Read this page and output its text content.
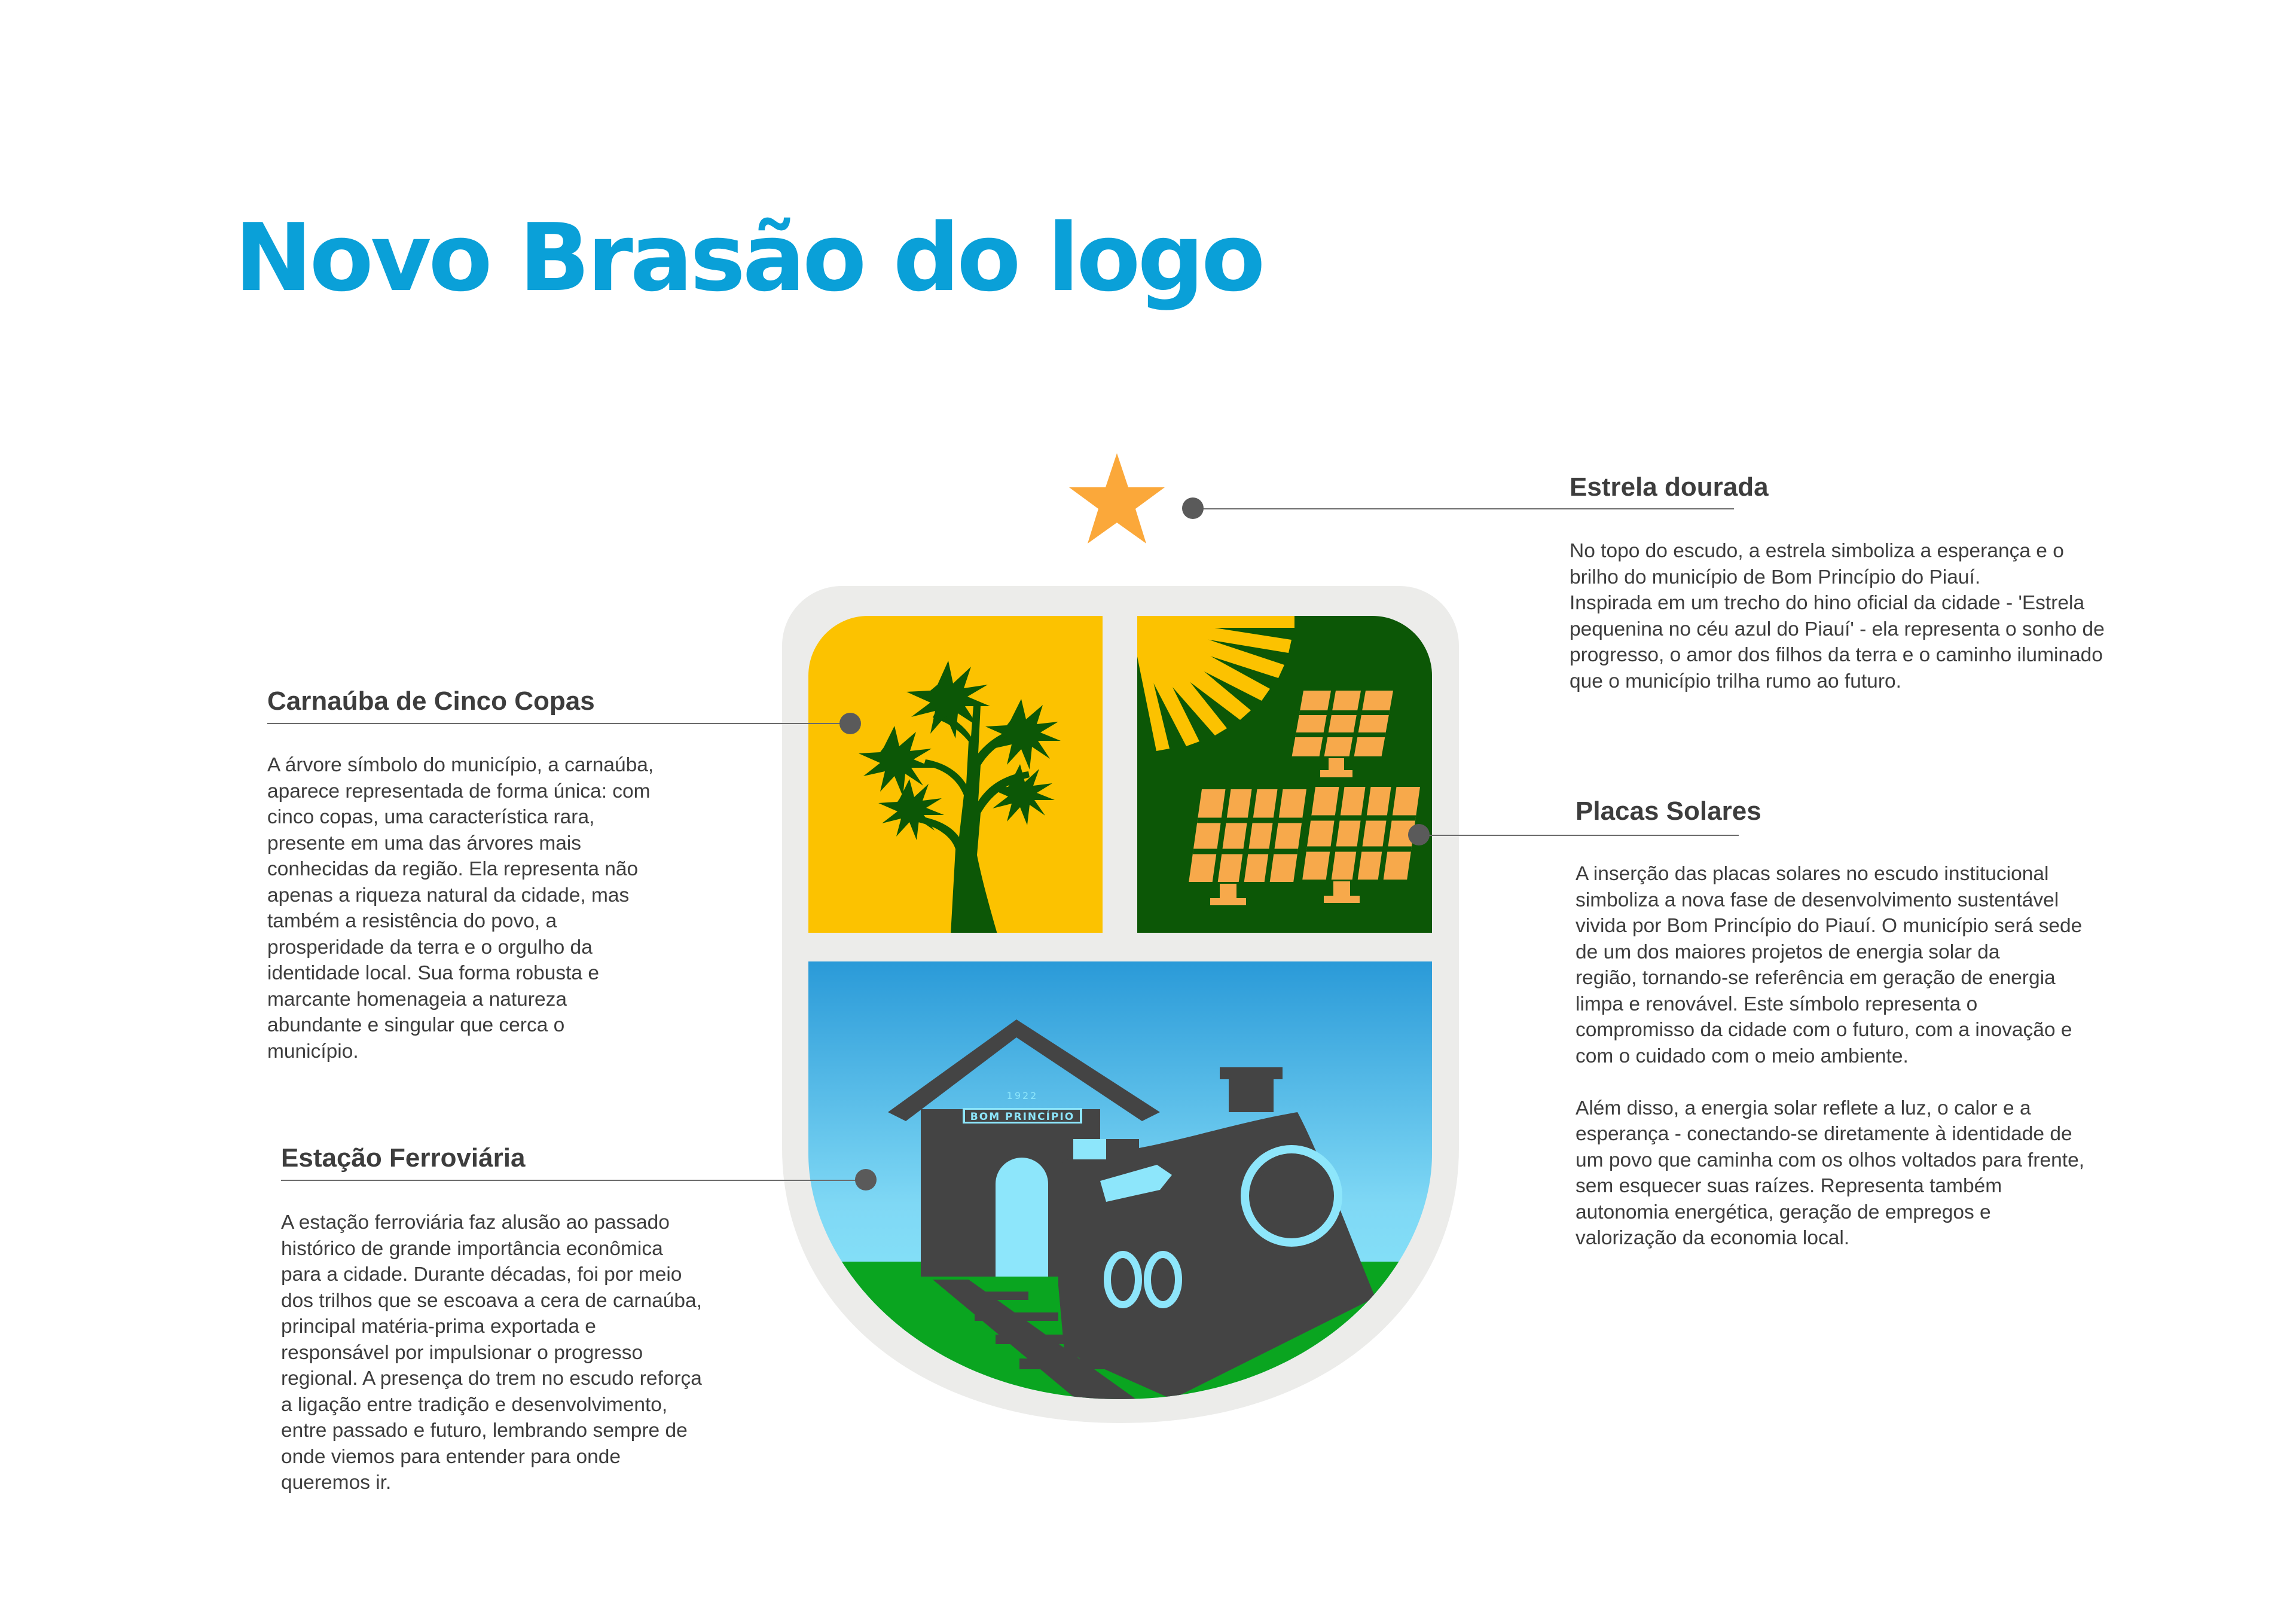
Novo Brasão do logo
1922
BOM PRINCÍPIO
Estrela dourada

No topo do escudo, a estrela simboliza a esperança e o
brilho do município de Bom Princípio do Piauí.
Inspirada em um trecho do hino oficial da cidade - 'Estrela
pequenina no céu azul do Piauí' - ela representa o sonho de
progresso, o amor dos filhos da terra e o caminho iluminado
que o município trilha rumo ao futuro.

Carnaúba de Cinco Copas

A árvore símbolo do município, a carnaúba,
aparece representada de forma única: com
cinco copas, uma característica rara,
presente em uma das árvores mais
conhecidas da região. Ela representa não
apenas a riqueza natural da cidade, mas
também a resistência do povo, a
prosperidade da terra e o orgulho da
identidade local. Sua forma robusta e
marcante homenageia a natureza
abundante e singular que cerca o
município.

Placas Solares

A inserção das placas solares no escudo institucional
simboliza a nova fase de desenvolvimento sustentável
vivida por Bom Princípio do Piauí. O município será sede
de um dos maiores projetos de energia solar da
região, tornando-se referência em geração de energia
limpa e renovável. Este símbolo representa o
compromisso da cidade com o futuro, com a inovação e
com o cuidado com o meio ambiente.

Além disso, a energia solar reflete a luz, o calor e a
esperança - conectando-se diretamente à identidade de
um povo que caminha com os olhos voltados para frente,
sem esquecer suas raízes. Representa também
autonomia energética, geração de empregos e
valorização da economia local.

Estação Ferroviária

A estação ferroviária faz alusão ao passado
histórico de grande importância econômica
para a cidade. Durante décadas, foi por meio
dos trilhos que se escoava a cera de carnaúba,
principal matéria-prima exportada e
responsável por impulsionar o progresso
regional. A presença do trem no escudo reforça
a ligação entre tradição e desenvolvimento,
entre passado e futuro, lembrando sempre de
onde viemos para entender para onde
queremos ir.
